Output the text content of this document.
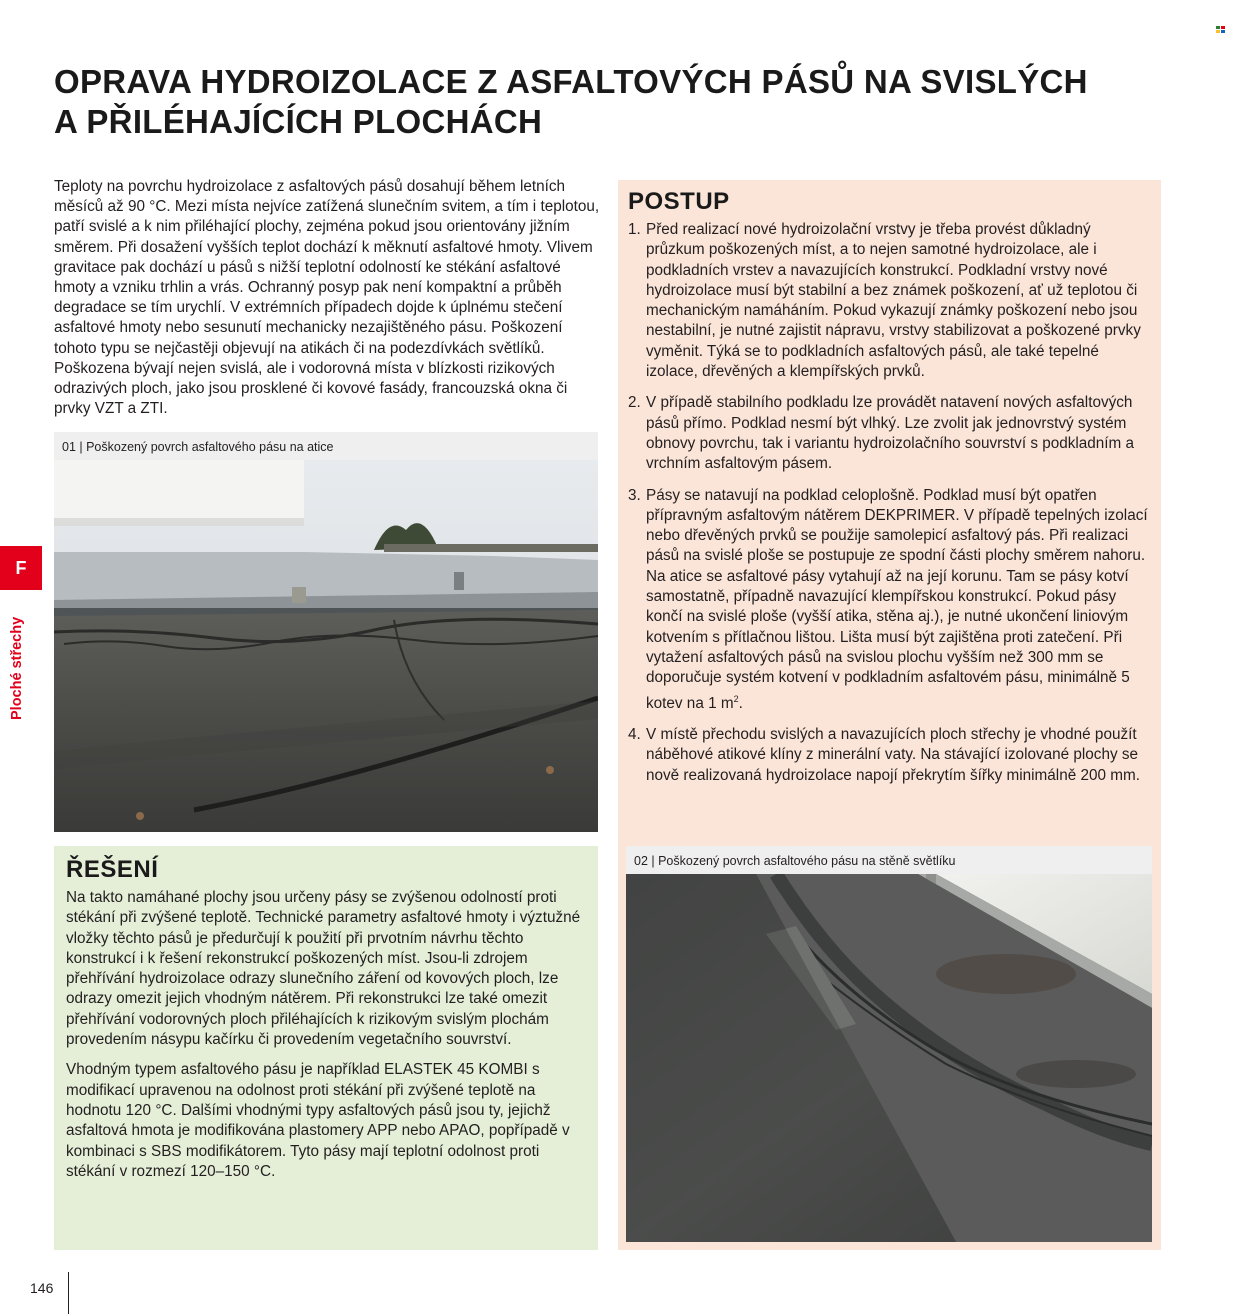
OPRAVA HYDROIZOLACE Z ASFALTOVÝCH PÁSŮ NA SVISLÝCH
A PŘILÉHAJÍCÍCH PLOCHÁCH

Teploty na povrchu hydroizolace z asfaltových pásů dosahují během letních měsíců až 90 °C. Mezi místa nejvíce zatížená slunečním svitem, a tím i teplotou, patří svislé a k nim přiléhající plochy, zejména pokud jsou orientovány jižním směrem. Při dosažení vyšších teplot dochází k měknutí asfaltové hmoty. Vlivem gravitace pak dochází u pásů s nižší teplotní odolností ke stékání asfaltové hmoty a vzniku trhlin a vrás. Ochranný posyp pak není kompaktní a průběh degradace se tím urychlí. V extrémních případech dojde k úplnému stečení asfaltové hmoty nebo sesunutí mechanicky nezajištěného pásu. Poškození tohoto typu se nejčastěji objevují na atikách či na podezdívkách světlíků. Poškozena bývají nejen svislá, ale i vodorovná místa v blízkosti rizikových odrazivých ploch, jako jsou prosklené či kovové fasády, francouzská okna či prvky VZT a ZTI.

01 | Poškozený povrch asfaltového pásu na atice
F
Ploché střechy
ŘEŠENÍ

Na takto namáhané plochy jsou určeny pásy se zvýšenou odolností proti stékání při zvýšené teplotě. Technické parametry asfaltové hmoty i výztužné vložky těchto pásů je předurčují k použití při prvotním návrhu těchto konstrukcí i k řešení rekonstrukcí poškozených míst. Jsou-li zdrojem přehřívání hydroizolace odrazy slunečního záření od kovových ploch, lze odrazy omezit jejich vhodným nátěrem. Při rekonstrukci lze také omezit přehřívání vodorovných ploch přiléhajících k rizikovým svislým plochám provedením násypu kačírku či provedením vegetačního souvrství.

Vhodným typem asfaltového pásu je například ELASTEK 45 KOMBI s modifikací upravenou na odolnost proti stékání při zvýšené teplotě na hodnotu 120 °C. Dalšími vhodnými typy asfaltových pásů jsou ty, jejichž asfaltová hmota je modifikována plastomery APP nebo APAO, popřípadě v kombinaci s SBS modifikátorem. Tyto pásy mají teplotní odolnost proti stékání v rozmezí 120–150 °C.

POSTUP
1. Před realizací nové hydroizolační vrstvy je třeba provést důkladný průzkum poškozených míst, a to nejen samotné hydroizolace, ale i podkladních vrstev a navazujících konstrukcí. Podkladní vrstvy nové hydroizolace musí být stabilní a bez známek poškození, ať už teplotou či mechanickým namáháním. Pokud vykazují známky poškození nebo jsou nestabilní, je nutné zajistit nápravu, vrstvy stabilizovat a poškozené prvky vyměnit. Týká se to podkladních asfaltových pásů, ale také tepelné izolace, dřevěných a klempířských prvků.
2. V případě stabilního podkladu lze provádět natavení nových asfaltových pásů přímo. Podklad nesmí být vlhký. Lze zvolit jak jednovrstvý systém obnovy povrchu, tak i variantu hydroizolačního souvrství s podkladním a vrchním asfaltovým pásem.
3. Pásy se natavují na podklad celoplošně. Podklad musí být opatřen přípravným asfaltovým nátěrem DEKPRIMER. V případě tepelných izolací nebo dřevěných prvků se použije samolepicí asfaltový pás. Při realizaci pásů na svislé ploše se postupuje ze spodní části plochy směrem nahoru. Na atice se asfaltové pásy vytahují až na její korunu. Tam se pásy kotví samostatně, případně navazující klempířskou konstrukcí. Pokud pásy končí na svislé ploše (vyšší atika, stěna aj.), je nutné ukončení liniovým kotvením s přítlačnou lištou. Lišta musí být zajištěna proti zatečení. Při vytažení asfaltových pásů na svislou plochu vyšším než 300 mm se doporučuje systém kotvení v podkladním asfaltovém pásu, minimálně 5 kotev na 1 $m^2$.
4. V místě přechodu svislých a navazujících ploch střechy je vhodné použít náběhové atikové klíny z minerální vaty. Na stávající izolované plochy se nově realizovaná hydroizolace napojí překrytím šířky minimálně 200 mm.
02 | Poškozený povrch asfaltového pásu na stěně světlíku
146
